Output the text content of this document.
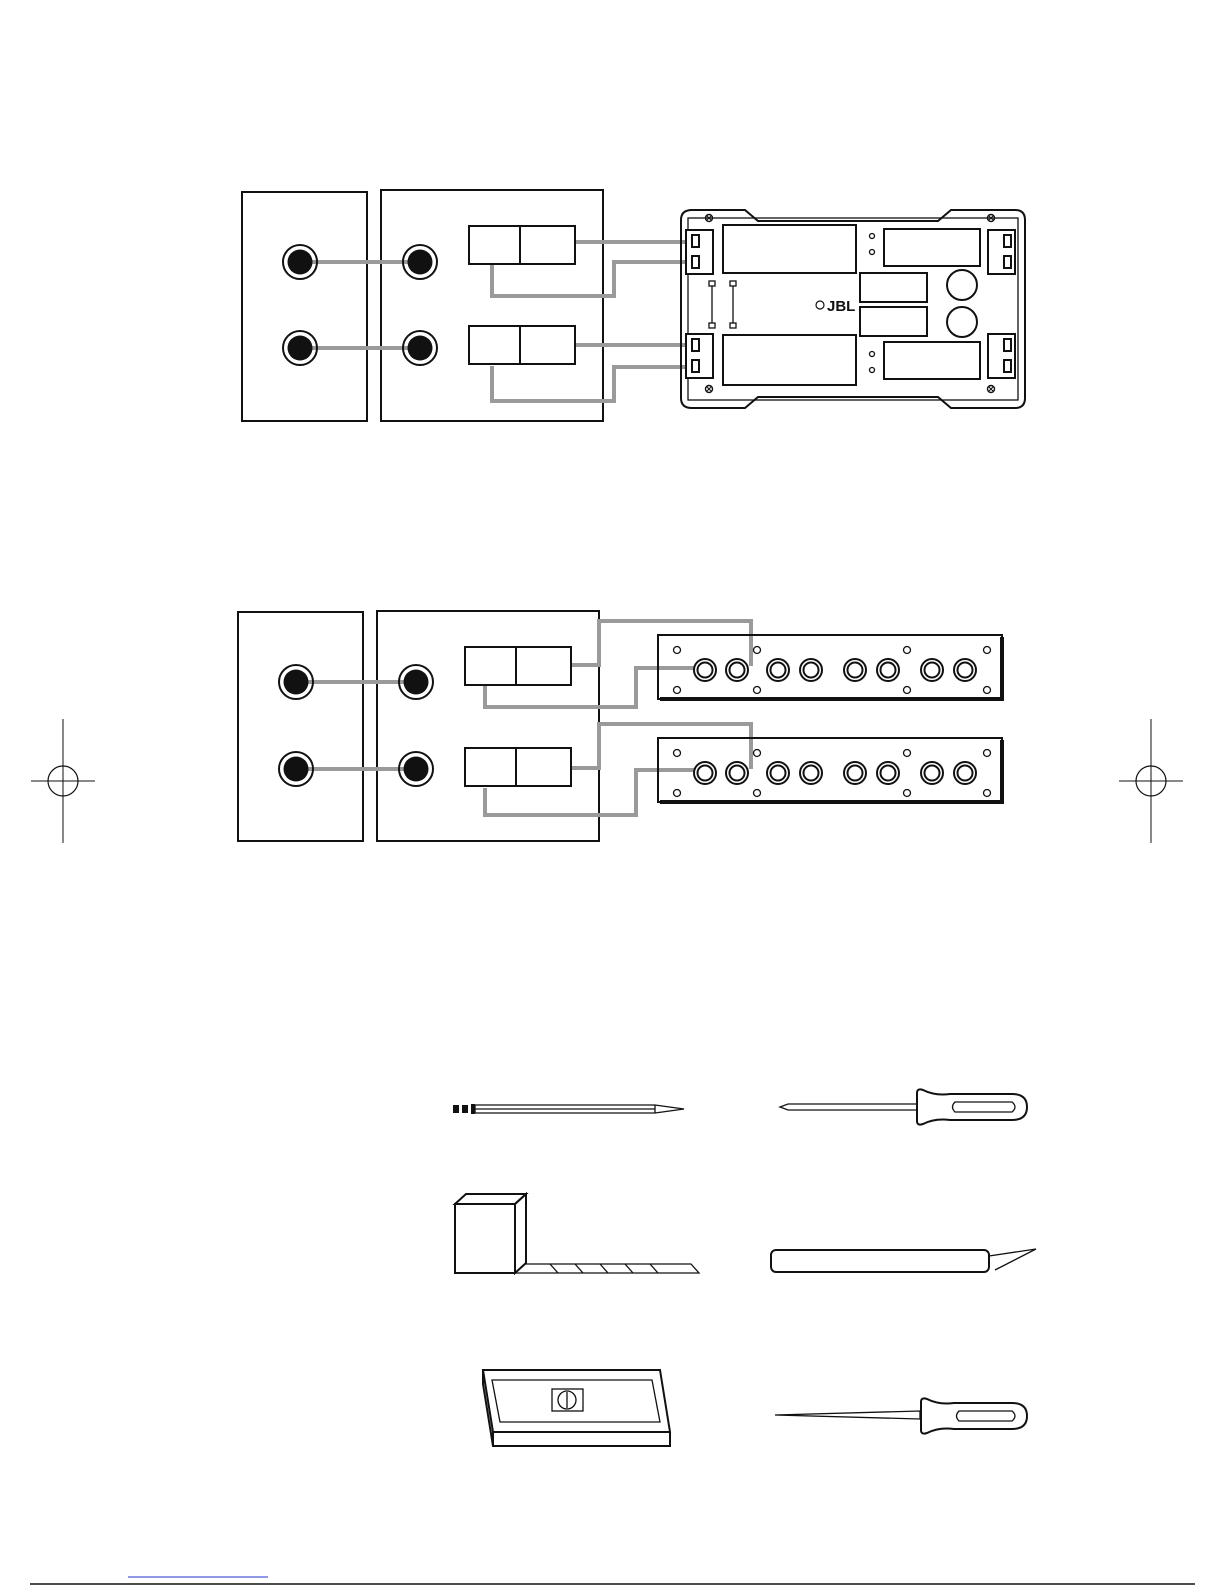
JBL
